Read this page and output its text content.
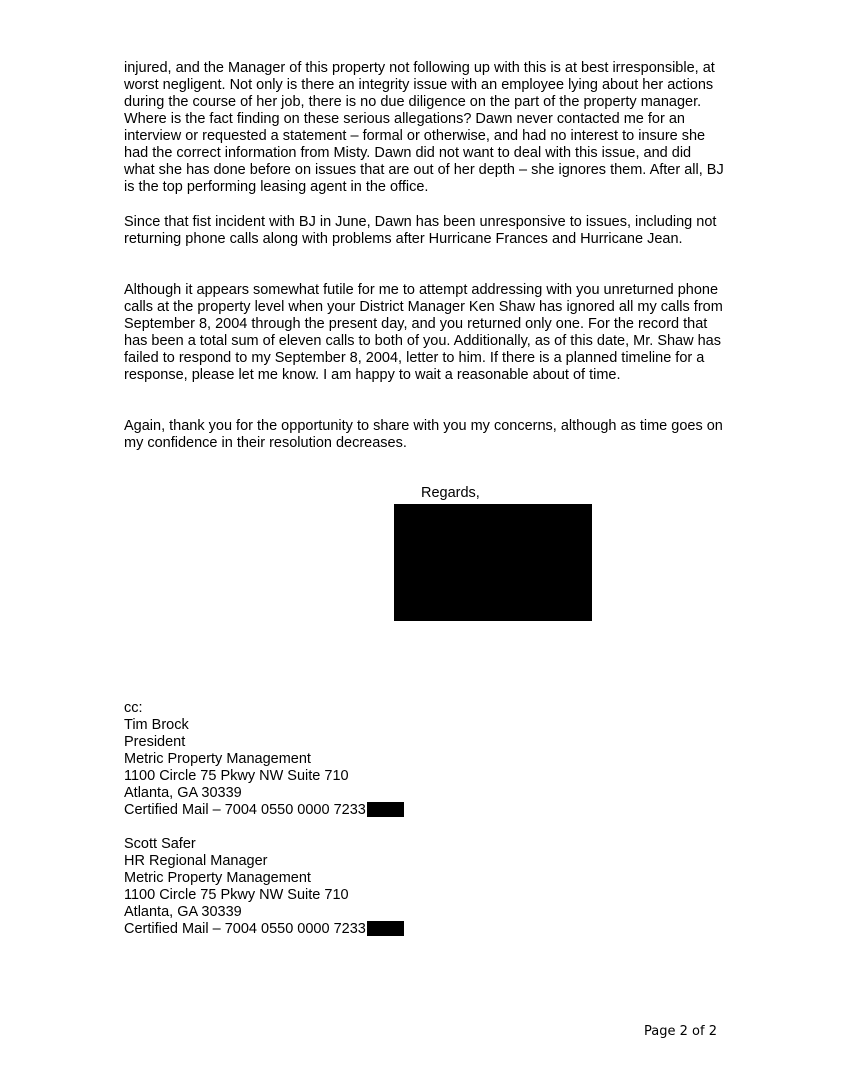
injured, and the Manager of this property not following up with this is at best irresponsible, at worst negligent. Not only is there an integrity issue with an employee lying about her actions during the course of her job, there is no due diligence on the part of the property manager. Where is the fact finding on these serious allegations? Dawn never contacted me for an interview or requested a statement – formal or otherwise, and had no interest to insure she had the correct information from Misty. Dawn did not want to deal with this issue, and did what she has done before on issues that are out of her depth – she ignores them. After all, BJ is the top performing leasing agent in the office.

Since that fist incident with BJ in June, Dawn has been unresponsive to issues, including not returning phone calls along with problems after Hurricane Frances and Hurricane Jean.

Although it appears somewhat futile for me to attempt addressing with you unreturned phone calls at the property level when your District Manager Ken Shaw has ignored all my calls from September 8, 2004 through the present day, and you returned only one. For the record that has been a total sum of eleven calls to both of you. Additionally, as of this date, Mr. Shaw has failed to respond to my September 8, 2004, letter to him. If there is a planned timeline for a response, please let me know. I am happy to wait a reasonable about of time.

Again, thank you for the opportunity to share with you my concerns, although as time goes on my confidence in their resolution decreases.

Regards,
cc:
Tim Brock
President
Metric Property Management
1100 Circle 75 Pkwy NW Suite 710
Atlanta, GA 30339
Certified Mail – 7004 0550 0000 7233
Scott Safer
HR Regional Manager
Metric Property Management
1100 Circle 75 Pkwy NW Suite 710
Atlanta, GA 30339
Certified Mail – 7004 0550 0000 7233
Page 2 of 2
